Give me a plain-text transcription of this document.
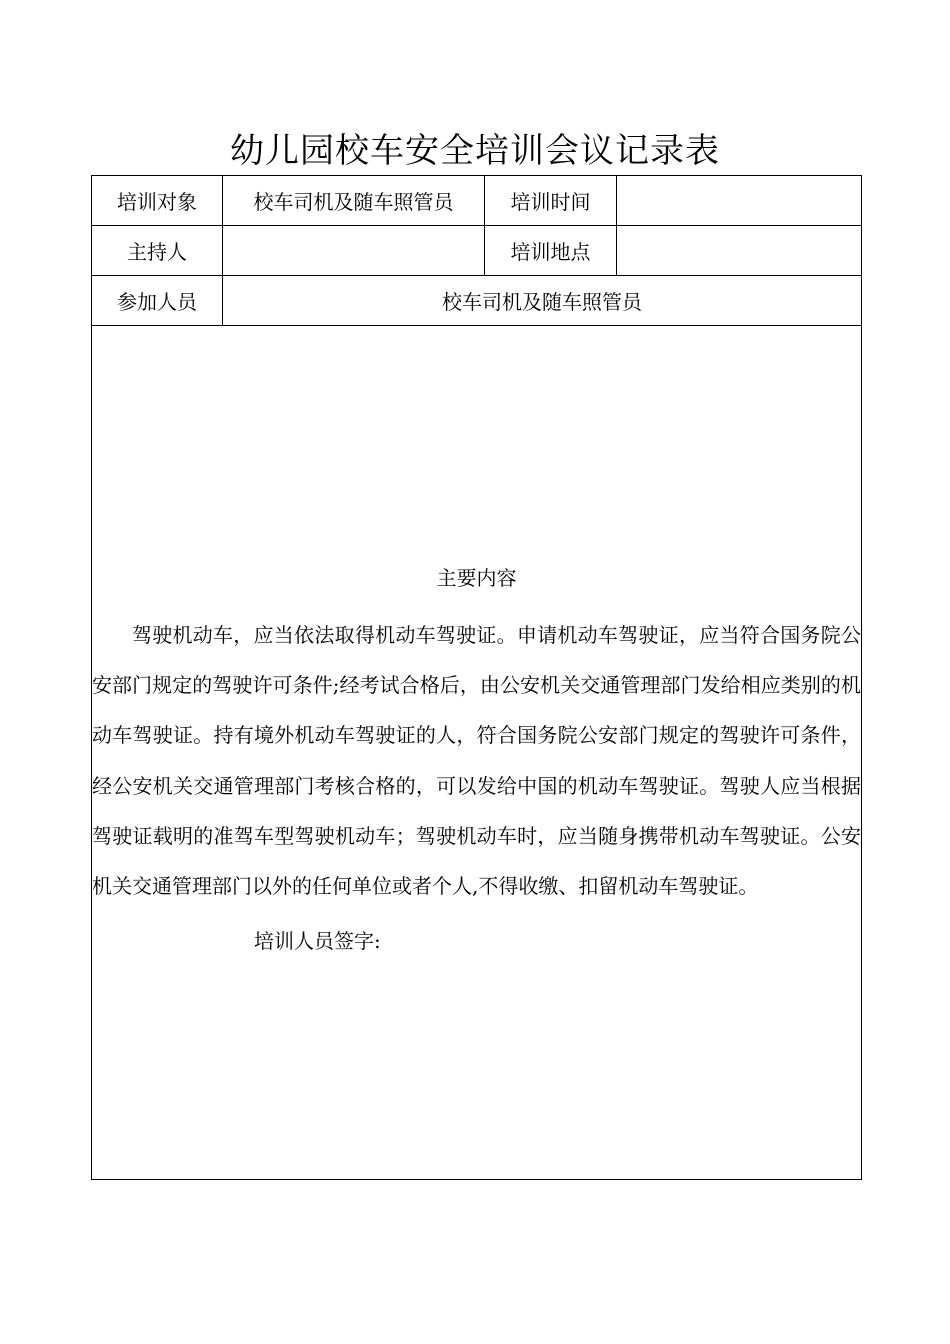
幼儿园校车安全培训会议记录表
培训对象	校车司机及随车照管员	培训时间	
主持人		培训地点	
参加人员	校车司机及随车照管员		

主要内容

驾驶机动车，应当依法取得机动车驾驶证。申请机动车驾驶证，应当符合国务院公安部门规定的驾驶许可条件;经考试合格后，由公安机关交通管理部门发给相应类别的机动车驾驶证。持有境外机动车驾驶证的人，符合国务院公安部门规定的驾驶许可条件，经公安机关交通管理部门考核合格的，可以发给中国的机动车驾驶证。驾驶人应当根据驾驶证载明的准驾车型驾驶机动车；驾驶机动车时，应当随身携带机动车驾驶证。公安机关交通管理部门以外的任何单位或者个人,不得收缴、扣留机动车驾驶证。

培训人员签字:			
